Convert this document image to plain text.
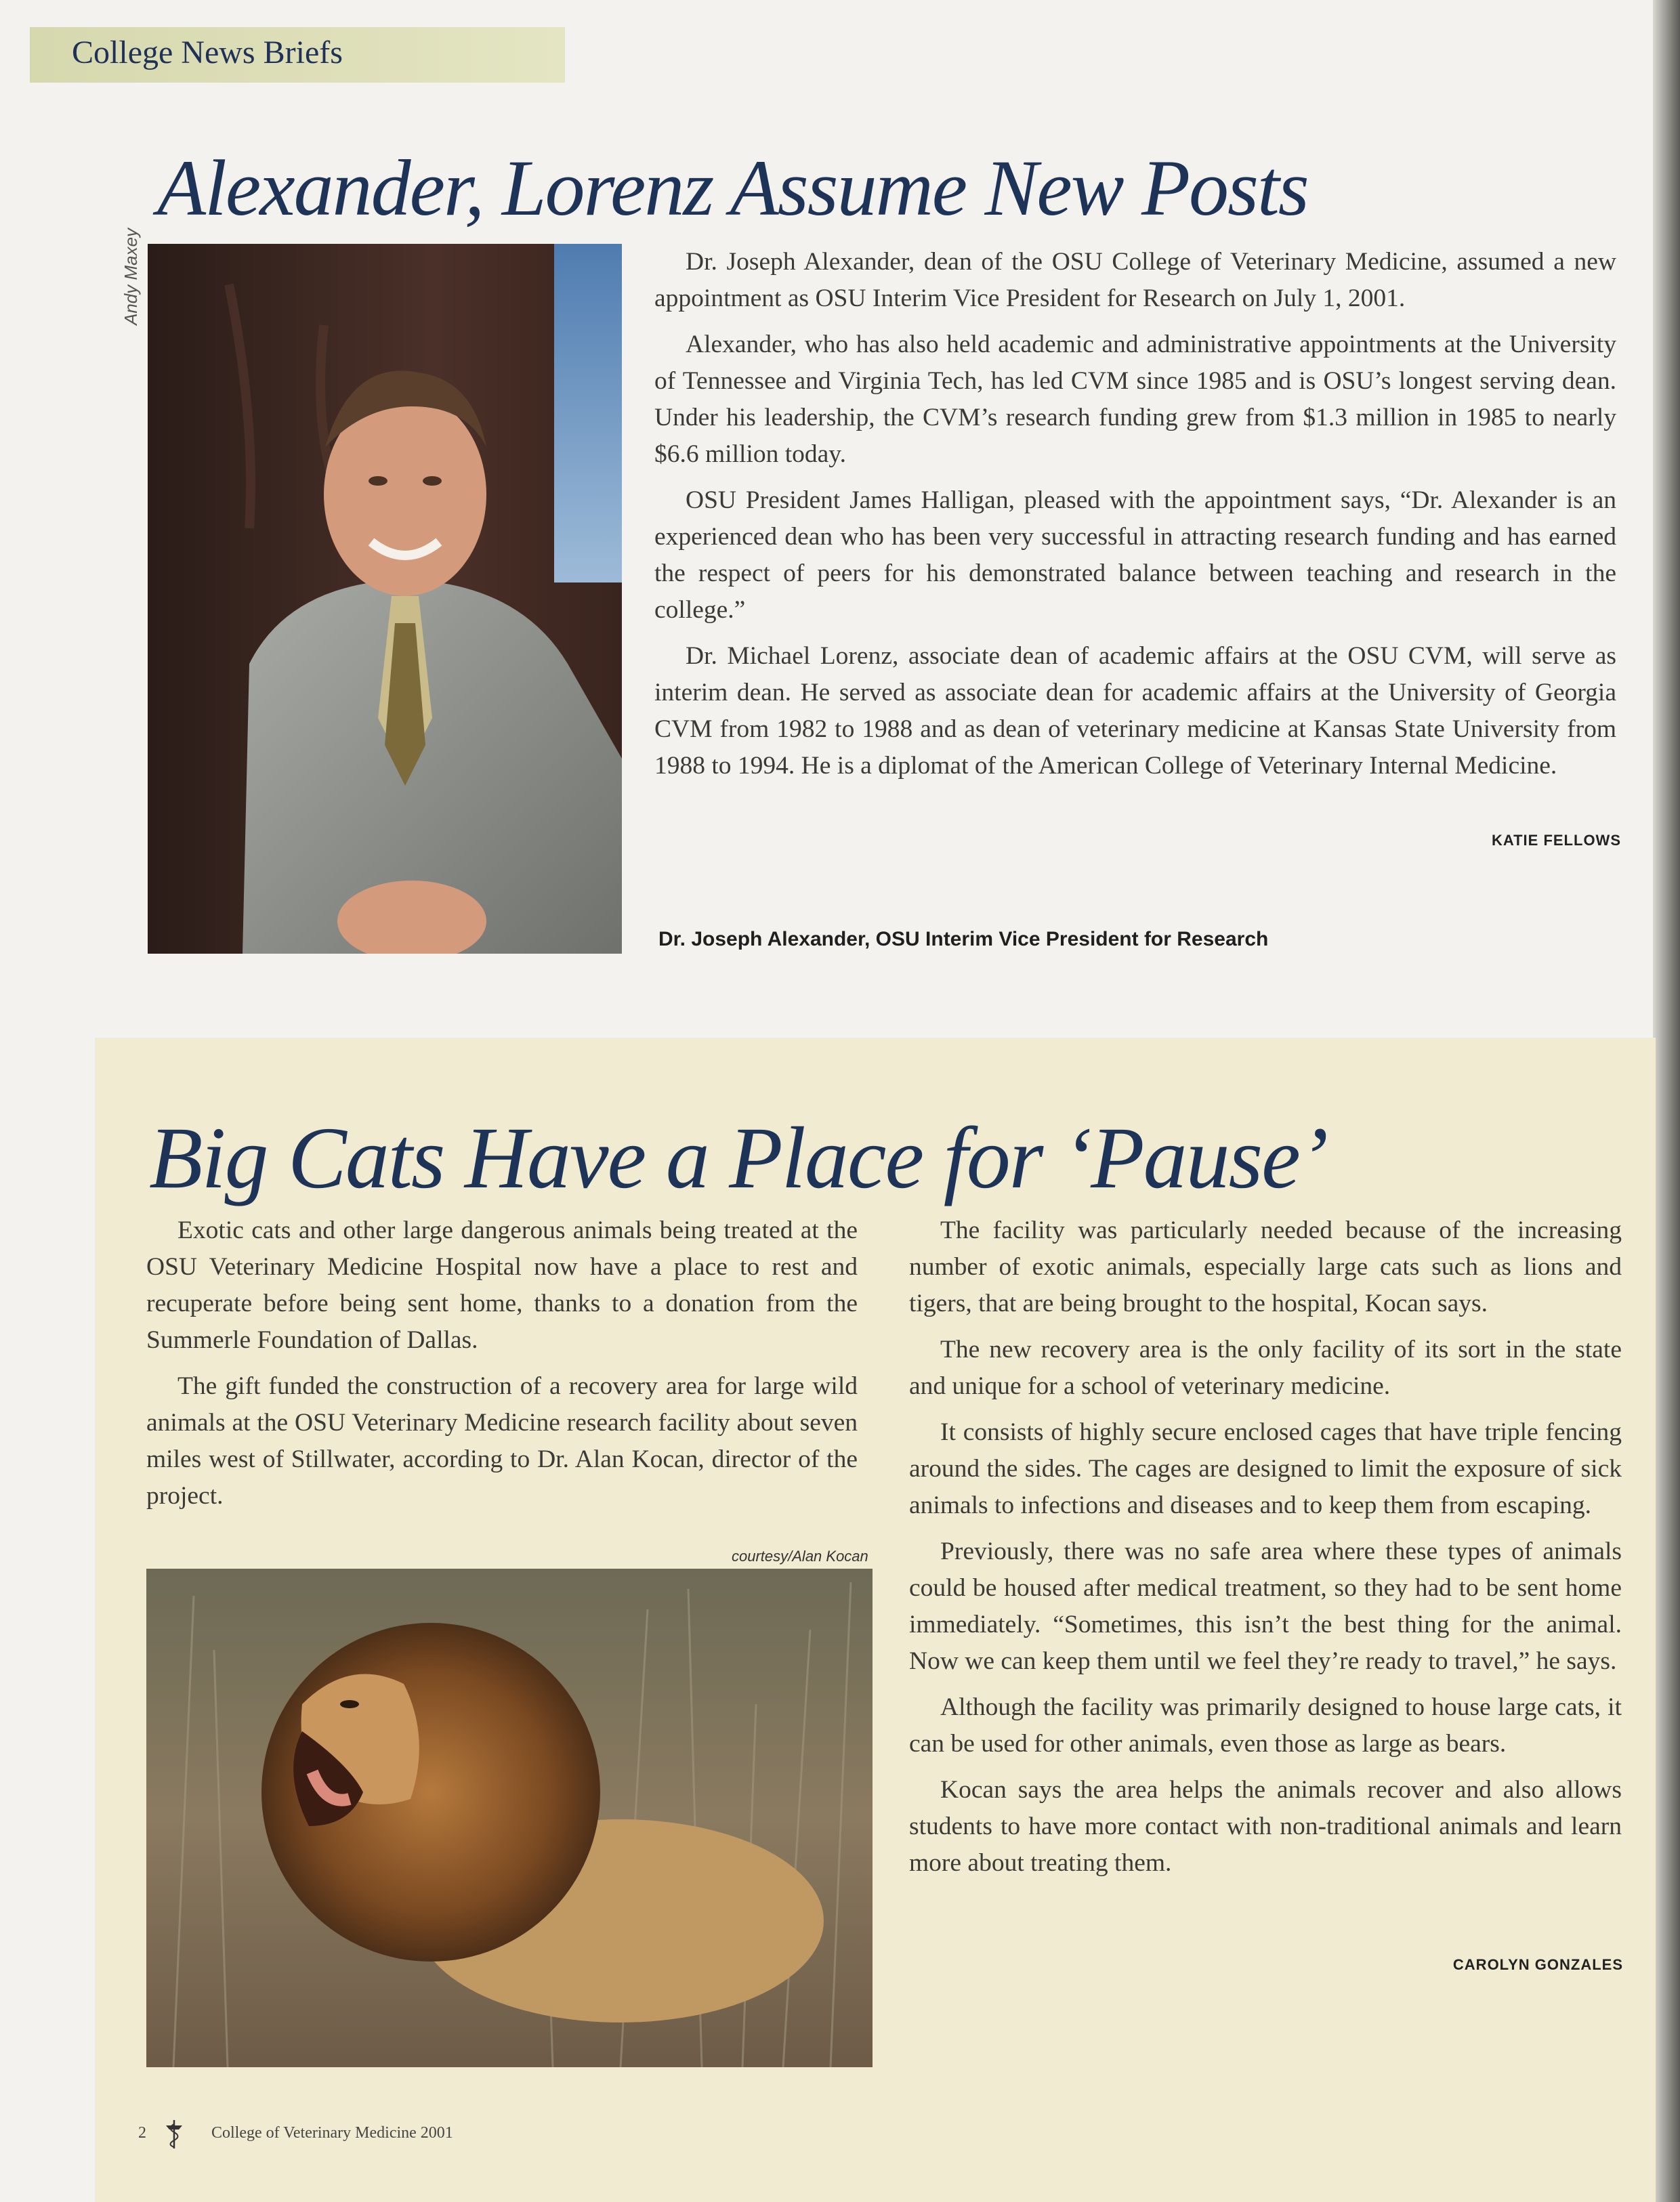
College News Briefs
Alexander, Lorenz Assume New Posts
Andy Maxey	Dr. Joseph Alexander, dean of the OSU College of Veterinary Medicine, assumed a new appointment as OSU Interim Vice President for Research on July 1, 2001.

Alexander, who has also held academic and administrative appointments at the University of Tennessee and Virginia Tech, has led CVM since 1985 and is OSU’s longest serving dean. Under his leadership, the CVM’s research funding grew from $1.3 million in 1985 to nearly $6.6 million today.

OSU President James Halligan, pleased with the appointment says, “Dr. Alexander is an experienced dean who has been very successful in attracting research funding and has earned the respect of peers for his demonstrated balance between teaching and research in the college.”

Dr. Michael Lorenz, associate dean of academic affairs at the OSU CVM, will serve as interim dean. He served as associate dean for academic affairs at the University of Georgia CVM from 1982 to 1988 and as dean of veterinary medicine at Kansas State University from 1988 to 1994. He is a diplomat of the American College of Veterinary Internal Medicine.

KATIE FELLOWS
Dr. Joseph Alexander, OSU Interim Vice President for Research
Big Cats Have a Place for ‘Pause’

Exotic cats and other large dangerous animals being treated at the OSU Veterinary Medicine Hospital now have a place to rest and recuperate before being sent home, thanks to a donation from the Summerle Foundation of Dallas.

The gift funded the construction of a recovery area for large wild animals at the OSU Veterinary Medicine research facility about seven miles west of Stillwater, according to Dr. Alan Kocan, director of the project.

courtesy/Alan Kocan

The facility was particularly needed because of the increasing number of exotic animals, especially large cats such as lions and tigers, that are being brought to the hospital, Kocan says.

The new recovery area is the only facility of its sort in the state and unique for a school of veterinary medicine.

It consists of highly secure enclosed cages that have triple fencing around the sides. The cages are designed to limit the exposure of sick animals to infections and diseases and to keep them from escaping.

Previously, there was no safe area where these types of animals could be housed after medical treatment, so they had to be sent home immediately. “Sometimes, this isn’t the best thing for the animal. Now we can keep them until we feel they’re ready to travel,” he says.

Although the facility was primarily designed to house large cats, it can be used for other animals, even those as large as bears.

Kocan says the area helps the animals recover and also allows students to have more contact with non-traditional animals and learn more about treating them.

CAROLYN GONZALES
2	College of Veterinary Medicine 2001
